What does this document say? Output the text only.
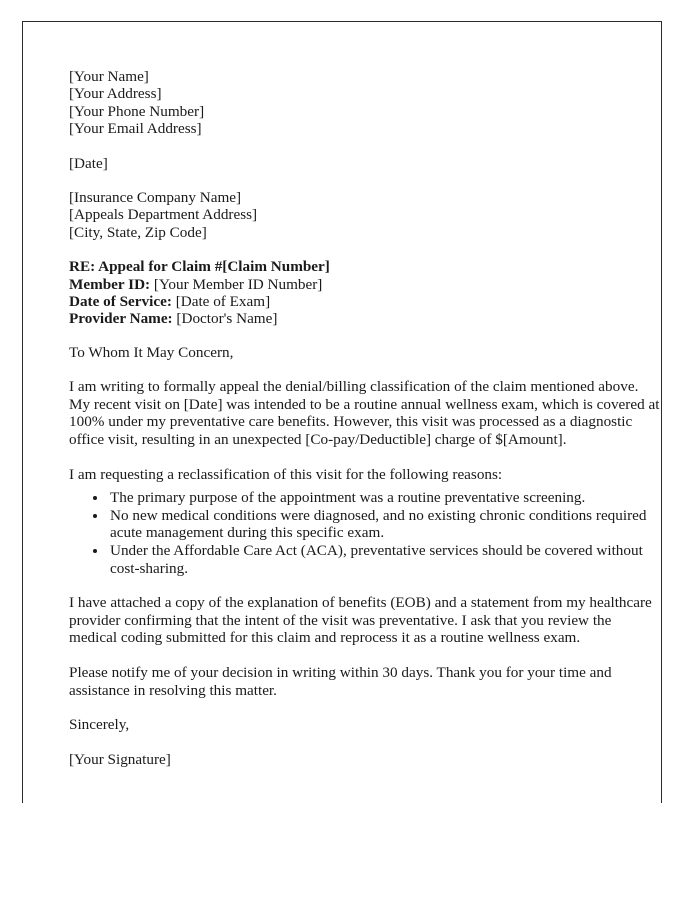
[Your Name]
[Your Address]
[Your Phone Number]
[Your Email Address]
[Date]
[Insurance Company Name]
[Appeals Department Address]
[City, State, Zip Code]
RE: Appeal for Claim #[Claim Number]
Member ID: [Your Member ID Number]
Date of Service: [Date of Exam]
Provider Name: [Doctor's Name]
To Whom It May Concern,

I am writing to formally appeal the denial/billing classification of the claim mentioned above. My recent visit on [Date] was intended to be a routine annual wellness exam, which is covered at 100% under my preventative care benefits. However, this visit was processed as a diagnostic office visit, resulting in an unexpected [Co-pay/Deductible] charge of $[Amount].

I am requesting a reclassification of this visit for the following reasons:

• The primary purpose of the appointment was a routine preventative screening.
• No new medical conditions were diagnosed, and no existing chronic conditions required acute management during this specific exam.
• Under the Affordable Care Act (ACA), preventative services should be covered without cost-sharing.

I have attached a copy of the explanation of benefits (EOB) and a statement from my healthcare provider confirming that the intent of the visit was preventative. I ask that you review the medical coding submitted for this claim and reprocess it as a routine wellness exam.

Please notify me of your decision in writing within 30 days. Thank you for your time and assistance in resolving this matter.

Sincerely,
[Your Signature]
